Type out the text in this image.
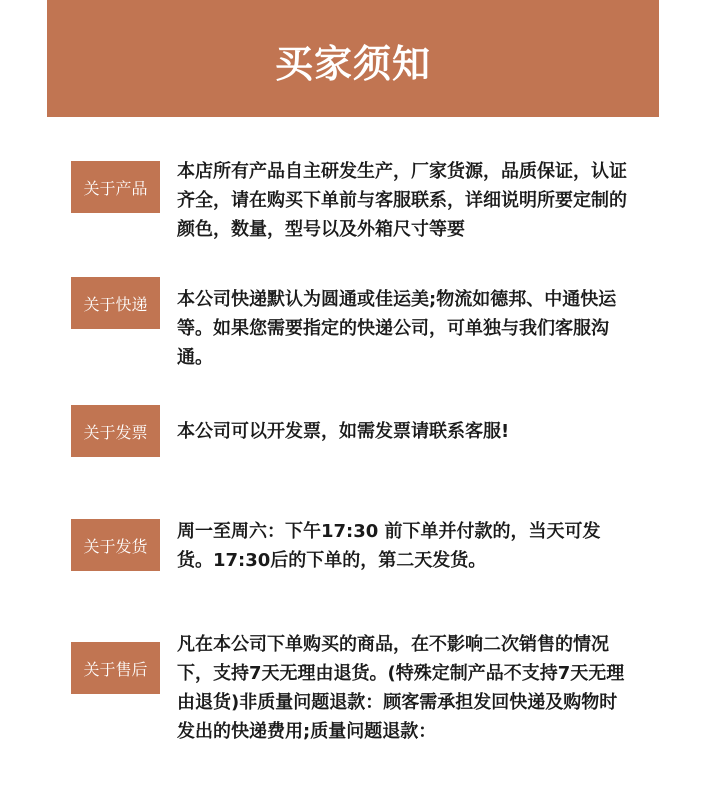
买家须知
关于产品
本店所有产品自主研发生产，厂家货源，品质保证，认证齐全，请在购买下单前与客服联系，详细说明所要定制的颜色，数量，型号以及外箱尺寸等要
关于快递	本公司快递默认为圆通或佳运美;物流如德邦、中通快运等。如果您需要指定的快递公司，可单独与我们客服沟通。
关于发票	本公司可以开发票，如需发票请联系客服!
关于发货
周一至周六：下午17:30 前下单并付款的，当天可发货。17:30后的下单的，第二天发货。
关于售后
凡在本公司下单购买的商品，在不影响二次销售的情况下，支持7天无理由退货。(特殊定制产品不支持7天无理由退货)非质量问题退款：顾客需承担发回快递及购物时发出的快递费用;质量问题退款：
